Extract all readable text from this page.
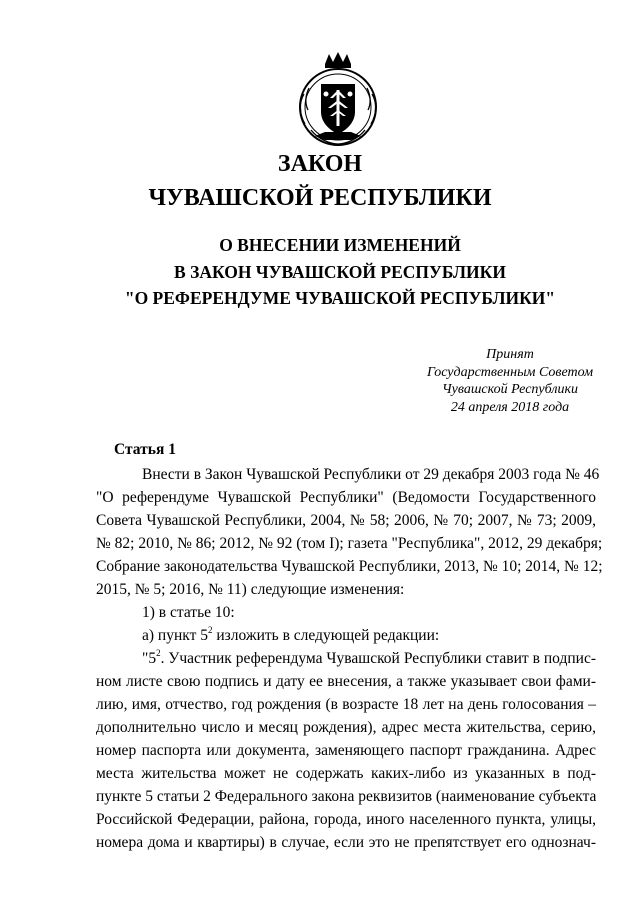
ЗАКОН
ЧУВАШСКОЙ РЕСПУБЛИКИ
О ВНЕСЕНИИ ИЗМЕНЕНИЙ
В ЗАКОН ЧУВАШСКОЙ РЕСПУБЛИКИ
"О РЕФЕРЕНДУМЕ ЧУВАШСКОЙ РЕСПУБЛИКИ"
Принят
Государственным Советом
Чувашской Республики
24 апреля 2018 года
Статья 1
Внести в Закон Чувашской Республики от 29 декабря 2003 года № 46
"О референдуме Чувашской Республики" (Ведомости Государственного
Совета Чувашской Республики, 2004, № 58; 2006, № 70; 2007, № 73; 2009,
№ 82; 2010, № 86; 2012, № 92 (том I); газета "Республика", 2012, 29 декабря;
Собрание законодательства Чувашской Республики, 2013, № 10; 2014, № 12;
2015, № 5; 2016, № 11) следующие изменения:
1) в статье 10:
а) пункт $5^2$ изложить в следующей редакции:
"$5^2$. Участник референдума Чувашской Республики ставит в подпис-
ном листе свою подпись и дату ее внесения, а также указывает свои фами-
лию, имя, отчество, год рождения (в возрасте 18 лет на день голосования –
дополнительно число и месяц рождения), адрес места жительства, серию,
номер паспорта или документа, заменяющего паспорт гражданина. Адрес
места жительства может не содержать каких-либо из указанных в под-
пункте 5 статьи 2 Федерального закона реквизитов (наименование субъекта
Российской Федерации, района, города, иного населенного пункта, улицы,
номера дома и квартиры) в случае, если это не препятствует его однознач-
